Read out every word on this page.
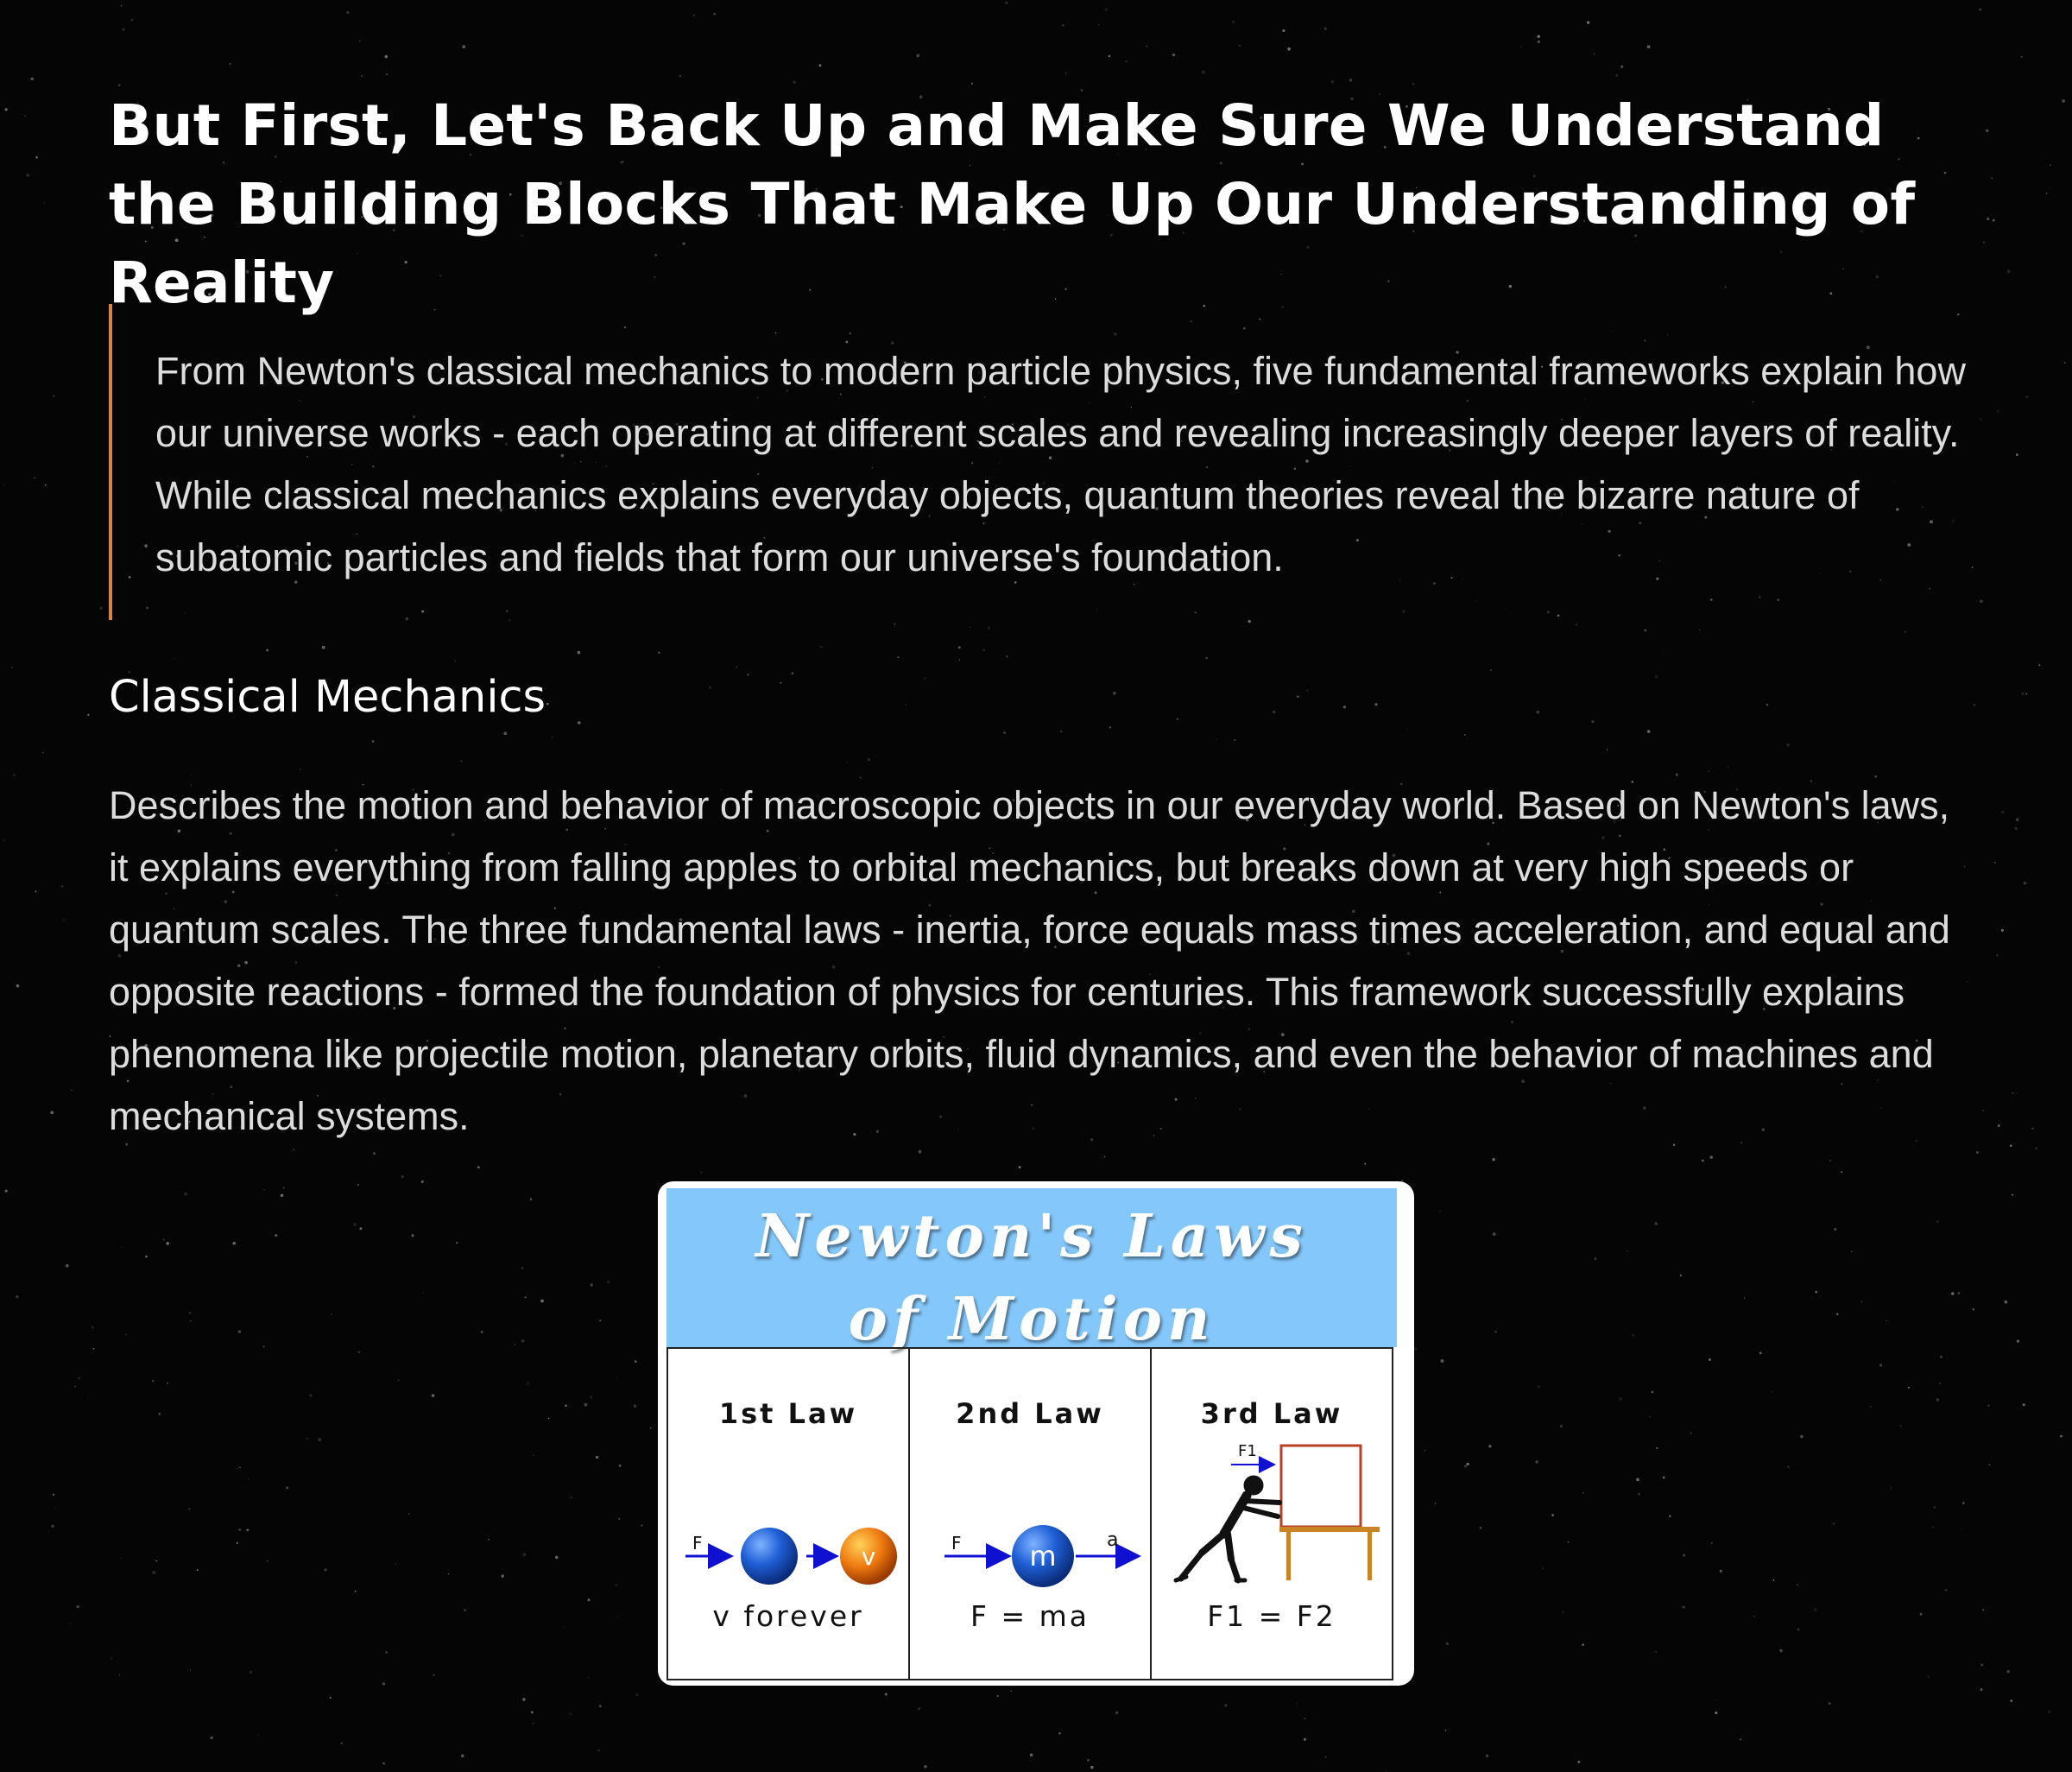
But First, Let's Back Up and Make Sure We Understand the Building Blocks That Make Up Our Understanding of Reality

From Newton's classical mechanics to modern particle physics, five fundamental frameworks explain how our universe works - each operating at different scales and revealing increasingly deeper layers of reality. While classical mechanics explains everyday objects, quantum theories reveal the bizarre nature of subatomic particles and fields that form our universe's foundation.

Classical Mechanics

Describes the motion and behavior of macroscopic objects in our everyday world. Based on Newton's laws, it explains everything from falling apples to orbital mechanics, but breaks down at very high speeds or quantum scales. The three fundamental laws - inertia, force equals mass times acceleration, and equal and opposite reactions - formed the foundation of physics for centuries. This framework successfully explains phenomena like projectile motion, planetary orbits, fluid dynamics, and even the behavior of machines and mechanical systems.

Newton's Laws
of Motion
1st Law
F	v
v forever
2nd Law
F m	a
F = ma
3rd Law
F1
F1 = F2
